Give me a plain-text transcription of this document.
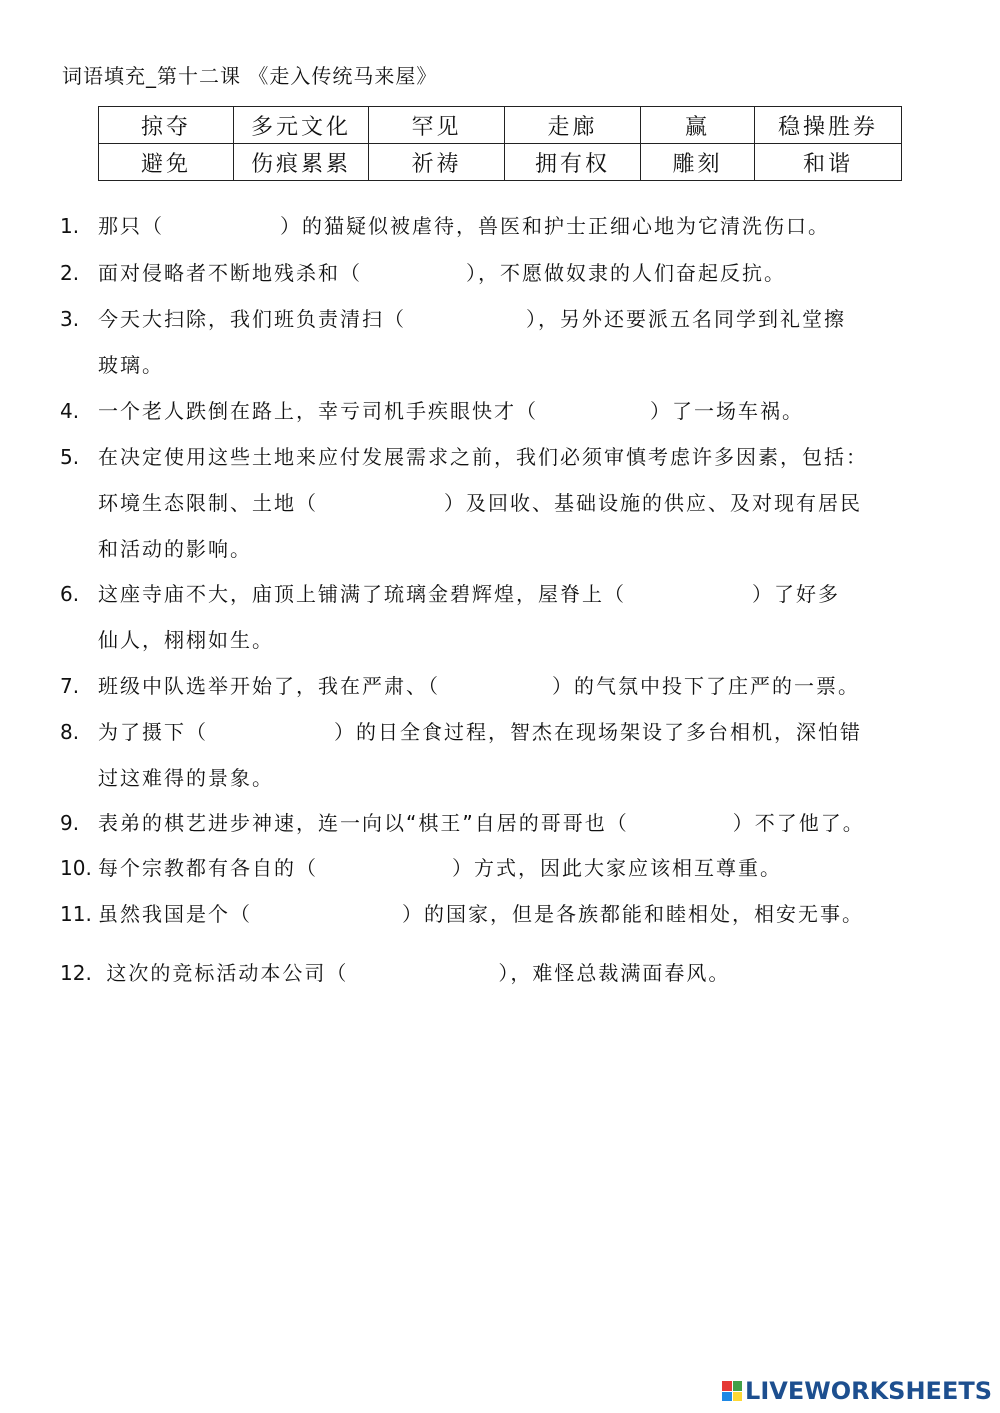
词语填充_第十二课 《走入传统马来屋》
掠夺	多元文化	罕见	走廊	赢	稳操胜券
避免	伤痕累累	祈祷	拥有权	雕刻	和谐
1. 那只（	）的猫疑似被虐待，兽医和护士正细心地为它清洗伤口。
2. 面对侵略者不断地残杀和（	），不愿做奴隶的人们奋起反抗。
3. 今天大扫除，我们班负责清扫（	），另外还要派五名同学到礼堂擦
玻璃。
4. 一个老人跌倒在路上，幸亏司机手疾眼快才（	）了一场车祸。
5. 在决定使用这些土地来应付发展需求之前，我们必须审慎考虑许多因素，包括：
环境生态限制、土地（	）及回收、基础设施的供应、及对现有居民
和活动的影响。
6. 这座寺庙不大，庙顶上铺满了琉璃金碧辉煌，屋脊上（	）了好多
仙人，栩栩如生。
7. 班级中队选举开始了，我在严肃、（	）的气氛中投下了庄严的一票。
8. 为了摄下（	）的日全食过程，智杰在现场架设了多台相机，深怕错
过这难得的景象。
9. 表弟的棋艺进步神速，连一向以“棋王”自居的哥哥也（	）不了他了。
10. 每个宗教都有各自的（	）方式，因此大家应该相互尊重。
11. 虽然我国是个（	）的国家，但是各族都能和睦相处，相安无事。
12. 这次的竞标活动本公司（	），难怪总裁满面春风。
LIVEWORKSHEETS
